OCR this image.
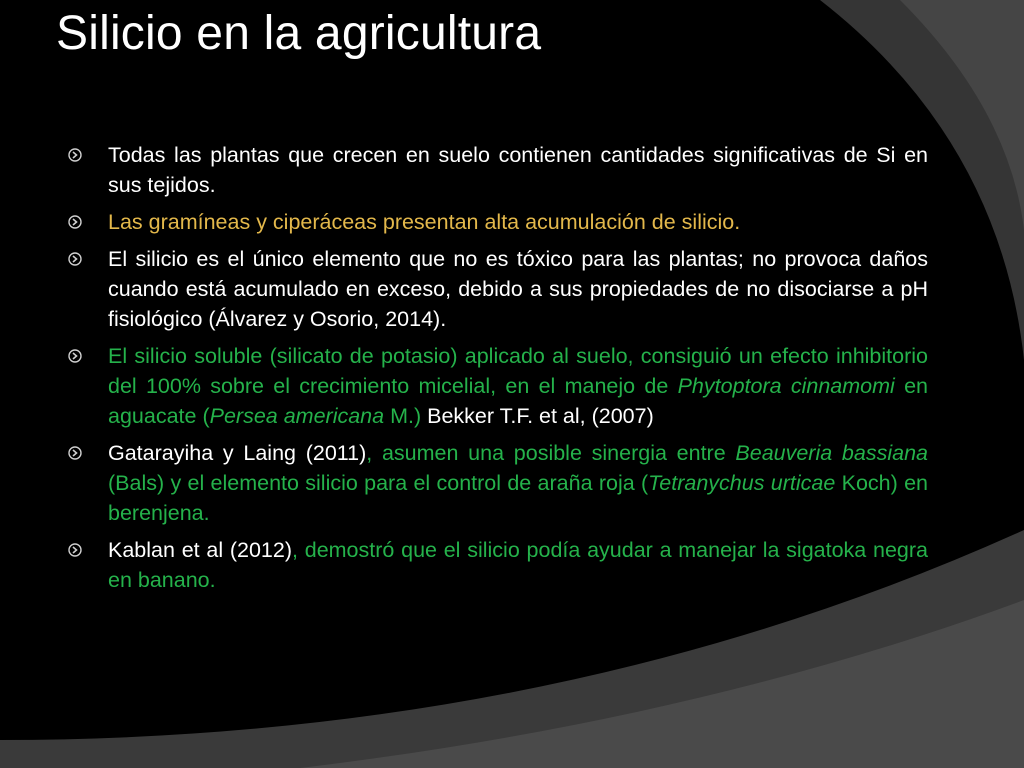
Silicio en la agricultura
Todas las plantas que crecen en suelo contienen cantidades significativas de Si en sus tejidos.
Las gramíneas y ciperáceas presentan alta acumulación de silicio.
El silicio es el único elemento que no es tóxico para las plantas; no provoca daños cuando está acumulado en exceso, debido a sus propiedades de no disociarse a pH fisiológico (Álvarez y Osorio, 2014).
El silicio soluble (silicato de potasio) aplicado al suelo, consiguió un efecto inhibitorio del 100% sobre el crecimiento micelial, en el manejo de Phytoptora cinnamomi en aguacate (Persea americana M.) Bekker T.F. et al, (2007)
Gatarayiha y Laing (2011), asumen una posible sinergia entre Beauveria bassiana (Bals) y el elemento silicio para el control de araña roja (Tetranychus urticae Koch) en berenjena.
Kablan et al (2012), demostró que el silicio podía ayudar a manejar la sigatoka negra en banano.
